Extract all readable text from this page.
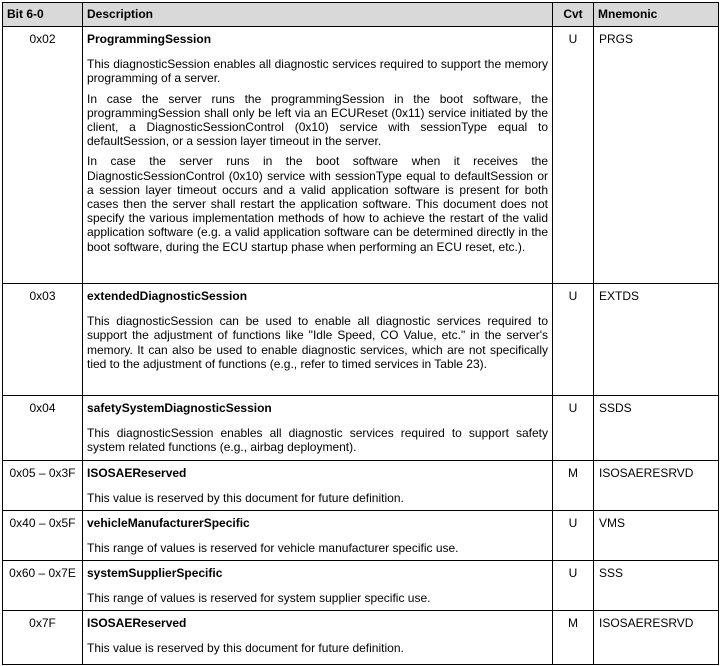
Bit 6-0	Description	Cvt	Mnemonic
0x02	ProgrammingSession
This diagnosticSession enables all diagnostic services required to support the memory programming of a server.
In case the server runs the programmingSession in the boot software, the programmingSession shall only be left via an ECUReset (0x11) service initiated by the client, a DiagnosticSessionControl (0x10) service with sessionType equal to defaultSession, or a session layer timeout in the server.
In case the server runs in the boot software when it receives the DiagnosticSessionControl (0x10) service with sessionType equal to defaultSession or a session layer timeout occurs and a valid application software is present for both cases then the server shall restart the application software. This document does not specify the various implementation methods of how to achieve the restart of the valid application software (e.g. a valid application software can be determined directly in the boot software, during the ECU startup phase when performing an ECU reset, etc.).	U	PRGS
0x03	extendedDiagnosticSession
This diagnosticSession can be used to enable all diagnostic services required to support the adjustment of functions like "Idle Speed, CO Value, etc." in the server's memory. It can also be used to enable diagnostic services, which are not specifically tied to the adjustment of functions (e.g., refer to timed services in Table 23).	U	EXTDS
0x04	safetySystemDiagnosticSession
This diagnosticSession enables all diagnostic services required to support safety system related functions (e.g., airbag deployment).	U	SSDS
0x05 – 0x3F	ISOSAEReserved
This value is reserved by this document for future definition.	M	ISOSAERESRVD
0x40 – 0x5F	vehicleManufacturerSpecific
This range of values is reserved for vehicle manufacturer specific use.	U	VMS
0x60 – 0x7E	systemSupplierSpecific
This range of values is reserved for system supplier specific use.	U	SSS
0x7F	ISOSAEReserved
This value is reserved by this document for future definition.	M	ISOSAERESRVD
